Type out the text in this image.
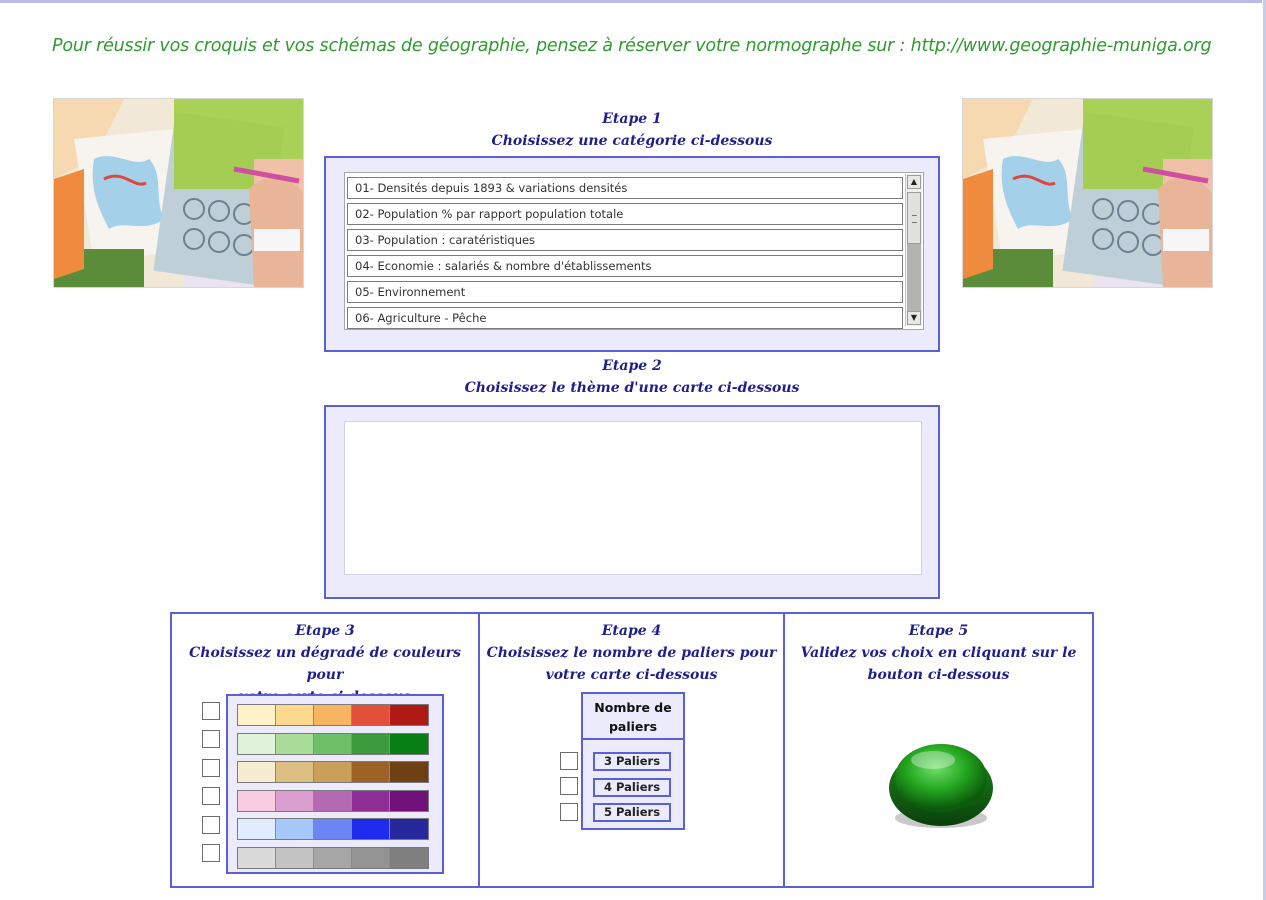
Pour réussir vos croquis et vos schémas de géographie, pensez à réserver votre normographe sur : http://www.geographie-muniga.org
Etape 1
Choisissez une catégorie ci-dessous
01- Densités depuis 1893 & variations densités
02- Population % par rapport population totale
03- Population : caratéristiques
04- Economie : salariés & nombre d'établissements
05- Environnement
06- Agriculture - Pêche
▲
▼
Etape 2
Choisissez le thème d'une carte ci-dessous
Etape 3
Choisissez un dégradé de couleurs pour
Etape 4
Choisissez le nombre de paliers pour
votre carte ci-dessous
Nombre de
paliers
3 Paliers
4 Paliers
5 Paliers
Etape 5
Validez vos choix en cliquant sur le
bouton ci-dessous
